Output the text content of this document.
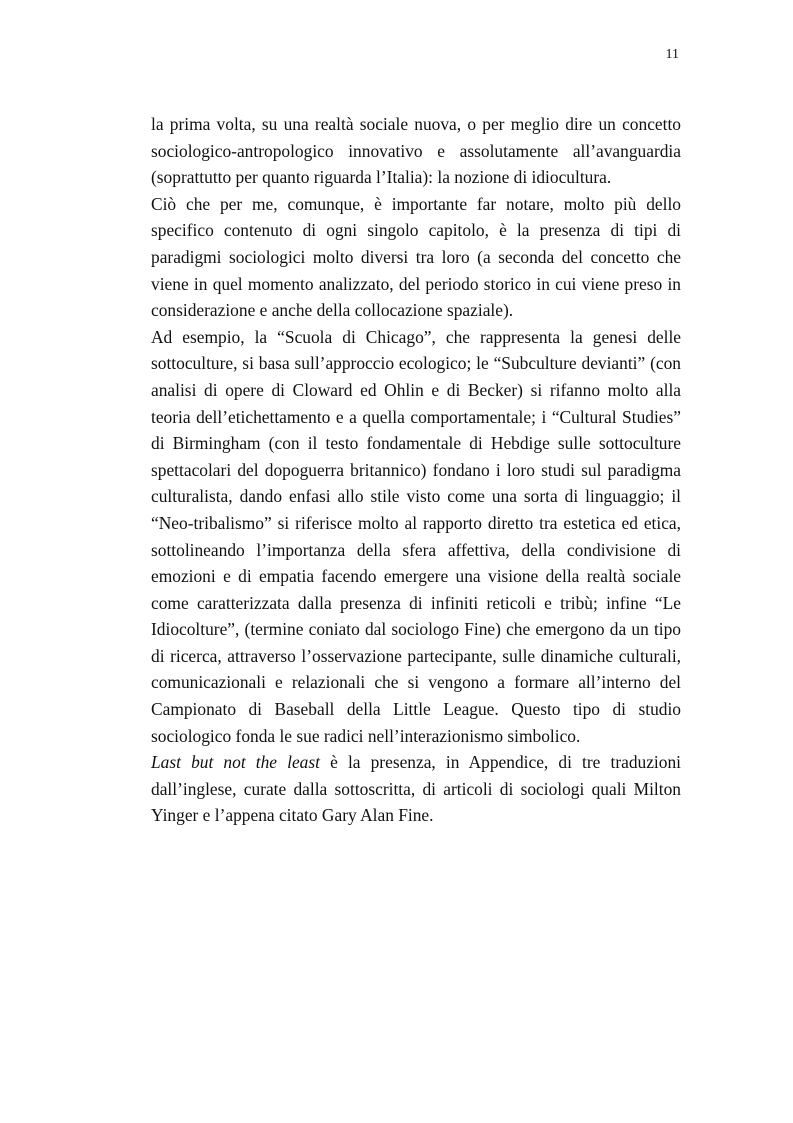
11

la prima volta, su una realtà sociale nuova, o per meglio dire un concetto sociologico-antropologico innovativo e assolutamente all’avanguardia (soprattutto per quanto riguarda l’Italia): la nozione di idiocultura.

Ciò che per me, comunque, è importante far notare, molto più dello specifico contenuto di ogni singolo capitolo, è la presenza di tipi di paradigmi sociologici molto diversi tra loro (a seconda del concetto che viene in quel momento analizzato, del periodo storico in cui viene preso in considerazione e anche della collocazione spaziale).

Ad esempio, la “Scuola di Chicago”, che rappresenta la genesi delle sottoculture, si basa sull’approccio ecologico; le “Subculture devianti” (con analisi di opere di Cloward ed Ohlin e di Becker) si rifanno molto alla teoria dell’etichettamento e a quella comportamentale; i “Cultural Studies” di Birmingham (con il testo fondamentale di Hebdige sulle sottoculture spettacolari del dopoguerra britannico) fondano i loro studi sul paradigma culturalista, dando enfasi allo stile visto come una sorta di linguaggio; il “Neo-tribalismo” si riferisce molto al rapporto diretto tra estetica ed etica, sottolineando l’importanza della sfera affettiva, della condivisione di emozioni e di empatia facendo emergere una visione della realtà sociale come caratterizzata dalla presenza di infiniti reticoli e tribù; infine “Le Idiocolture”, (termine coniato dal sociologo Fine) che emergono da un tipo di ricerca, attraverso l’osservazione partecipante, sulle dinamiche culturali, comunicazionali e relazionali che si vengono a formare all’interno del Campionato di Baseball della Little League. Questo tipo di studio sociologico fonda le sue radici nell’interazionismo simbolico.

Last but not the least è la presenza, in Appendice, di tre traduzioni dall’inglese, curate dalla sottoscritta, di articoli di sociologi quali Milton Yinger e l’appena citato Gary Alan Fine.
